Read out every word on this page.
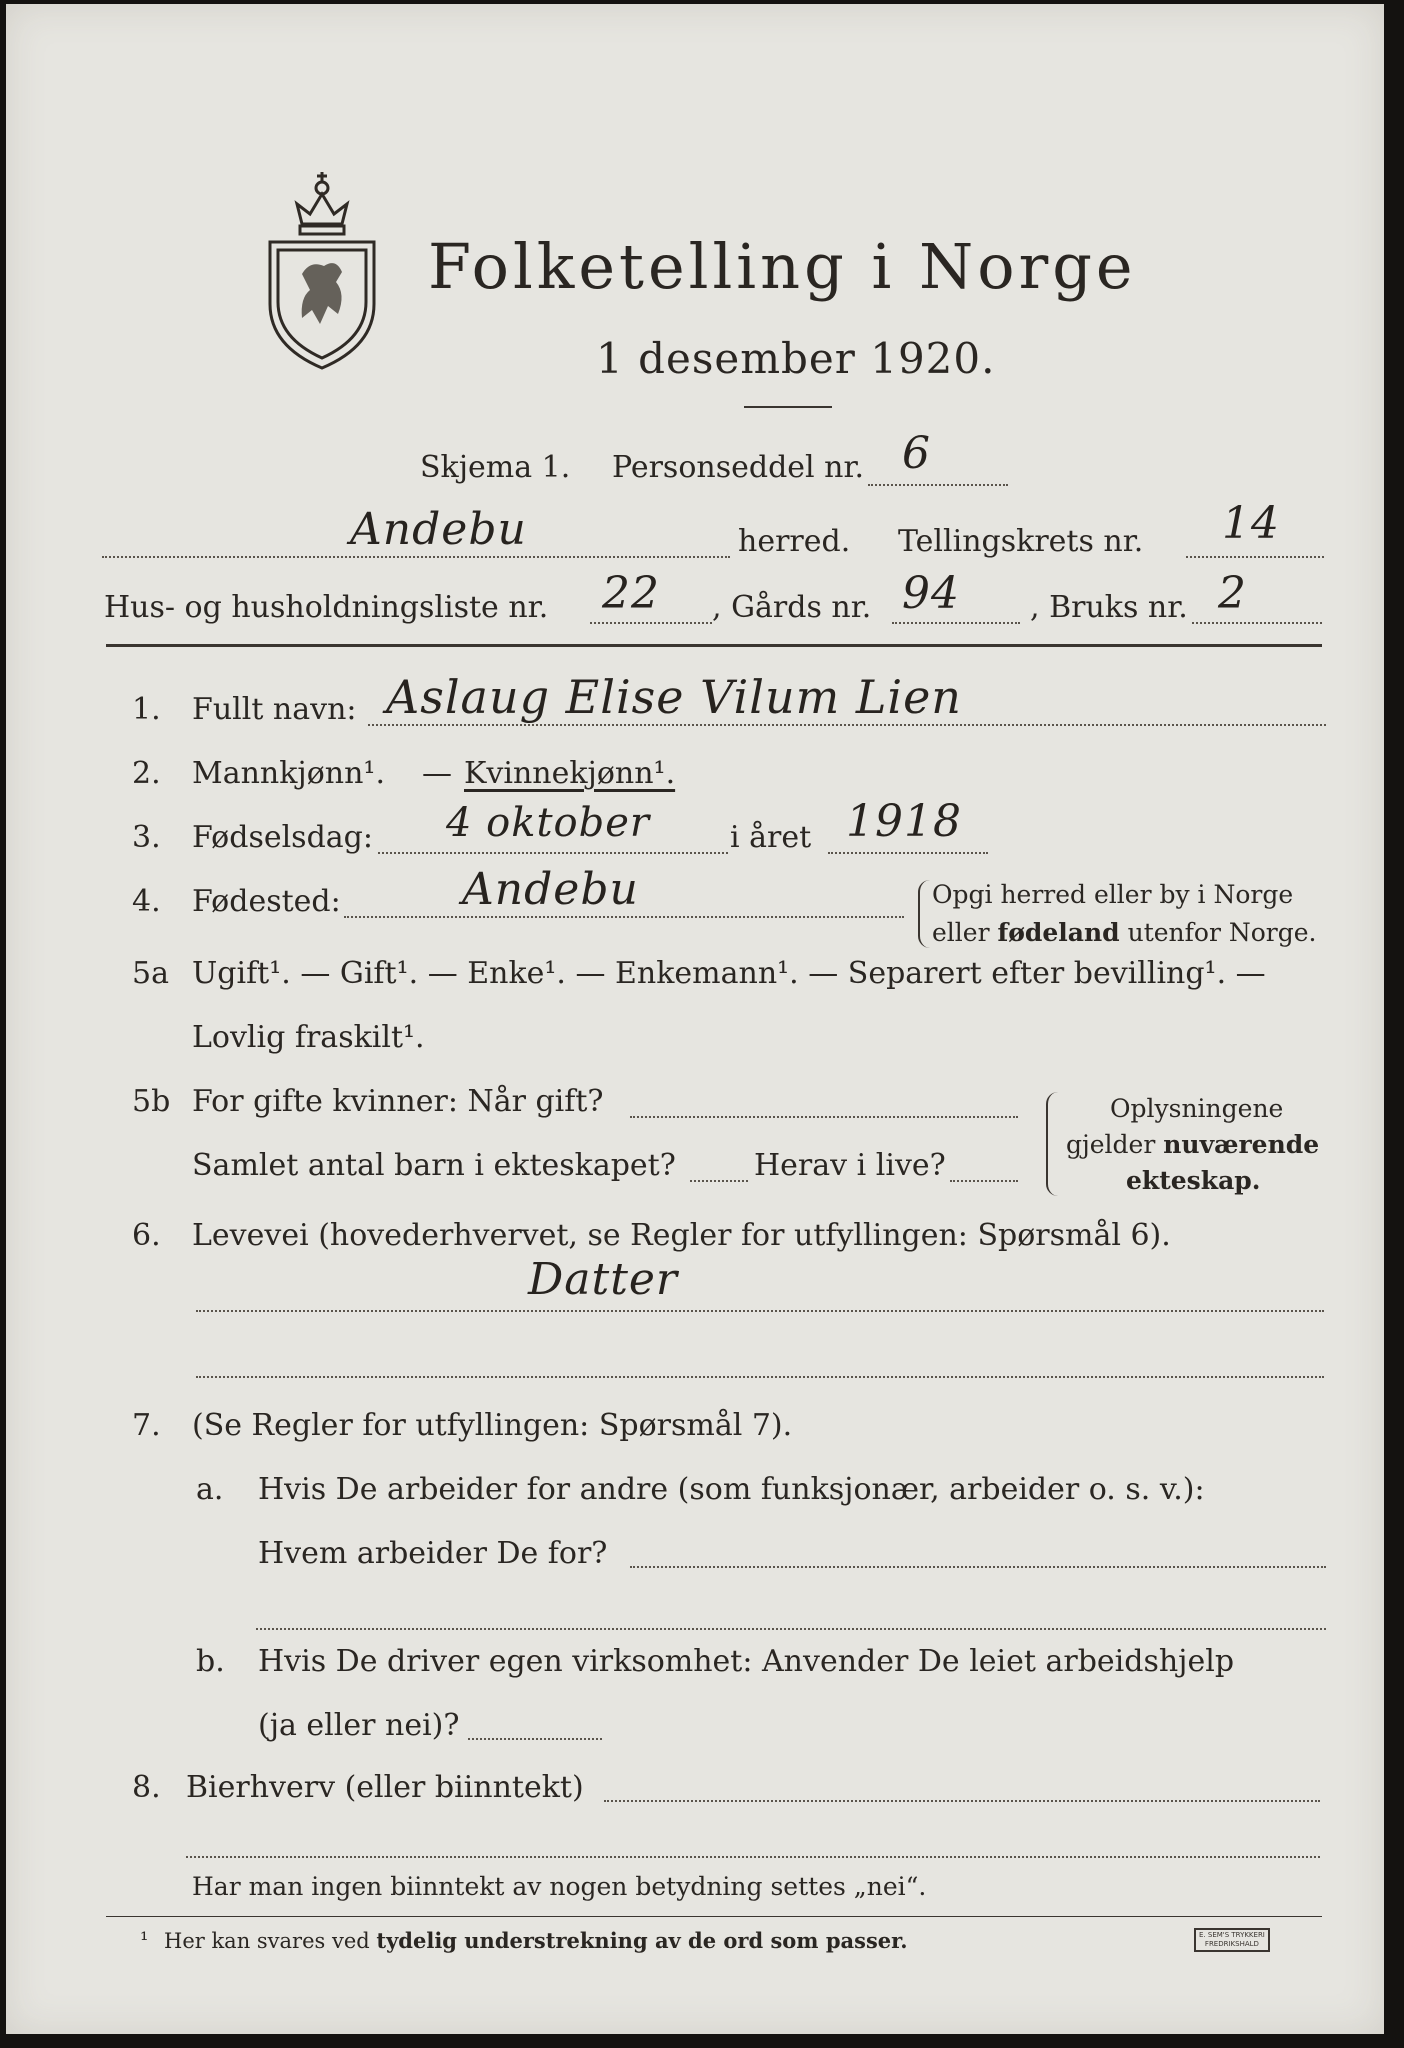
Folketelling i Norge
1 desember 1920.
Skjema 1. Personseddel nr. 6
Andebu	herred. Tellingskrets nr. 14
Hus- og husholdningsliste nr. 22 , Gårds nr. 94 , Bruks nr. 2
1. Fullt navn: Aslaug Elise Vilum Lien
2. Mannkjønn¹. — Kvinnekjønn¹.
3. Fødselsdag: 4 oktober	i året 1918
4. Fødested:	Andebu	Opgi herred eller by i Norge
eller fødeland utenfor Norge.
5a Ugift¹. — Gift¹. — Enke¹. — Enkemann¹. — Separert efter bevilling¹. —
Lovlig fraskilt¹.
5b For gifte kvinner: Når gift?
Samlet antal barn i ekteskapet?	Herav i live?
Oplysningene
gjelder nuværende
ekteskap.
6. Levevei (hovederhvervet, se Regler for utfyllingen: Spørsmål 6).
Datter
7. (Se Regler for utfyllingen: Spørsmål 7).
a. Hvis De arbeider for andre (som funksjonær, arbeider o. s. v.):
Hvem arbeider De for?
b. Hvis De driver egen virksomhet: Anvender De leiet arbeidshjelp
(ja eller nei)?
8. Bierhverv (eller biinntekt)
Har man ingen biinntekt av nogen betydning settes „nei“.
¹ Her kan svares ved tydelig understrekning av de ord som passer.	E. SEM'S TRYKKERI
FREDRIKSHALD
